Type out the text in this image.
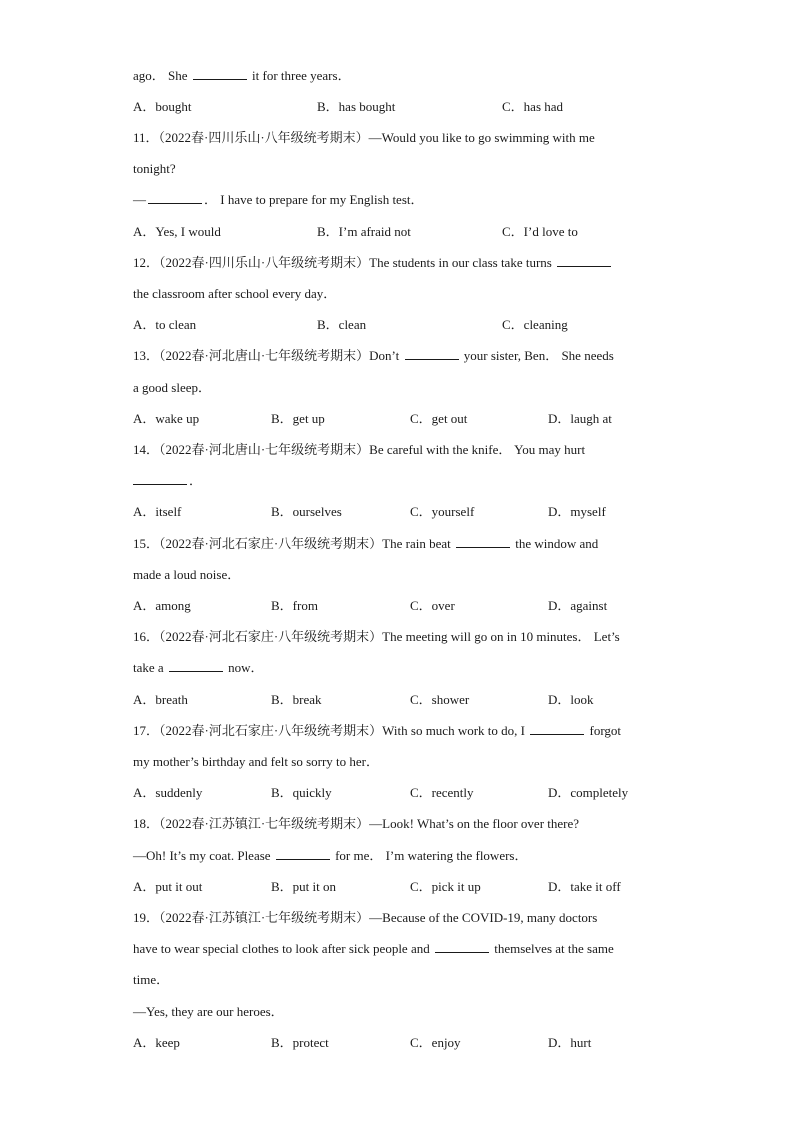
ago． She	it for three years．
A．bought	B．has bought	C．has had
11．（2022春·四川乐山·八年级统考期末）—Would you like to go swimming with me
tonight?
—	． I have to prepare for my English test．
A．Yes, I would	B．I’m afraid not	C．I’d love to
12．（2022春·四川乐山·八年级统考期末）The students in our class take turns
the classroom after school every day．
A．to clean	B．clean	C．cleaning
13．（2022春·河北唐山·七年级统考期末）Don’t	your sister, Ben． She needs
a good sleep．
A．wake up	B．get up	C．get out	D．laugh at
14．（2022春·河北唐山·七年级统考期末）Be careful with the knife． You may hurt
．
A．itself	B．ourselves	C．yourself	D．myself
15．（2022春·河北石家庄·八年级统考期末）The rain beat	the window and
made a loud noise．
A．among	B．from	C．over	D．against
16．（2022春·河北石家庄·八年级统考期末）The meeting will go on in 10 minutes． Let’s
take a	now．
A．breath	B．break	C．shower	D．look
17．（2022春·河北石家庄·八年级统考期末）With so much work to do, I	forgot
my mother’s birthday and felt so sorry to her．
A．suddenly	B．quickly	C．recently	D．completely
18．（2022春·江苏镇江·七年级统考期末）—Look! What’s on the floor over there?
—Oh! It’s my coat. Please	for me． I’m watering the flowers．
A．put it out	B．put it on	C．pick it up	D．take it off
19．（2022春·江苏镇江·七年级统考期末）—Because of the COVID-19, many doctors
have to wear special clothes to look after sick people and	themselves at the same
time．
—Yes, they are our heroes．
A．keep	B．protect	C．enjoy	D．hurt
